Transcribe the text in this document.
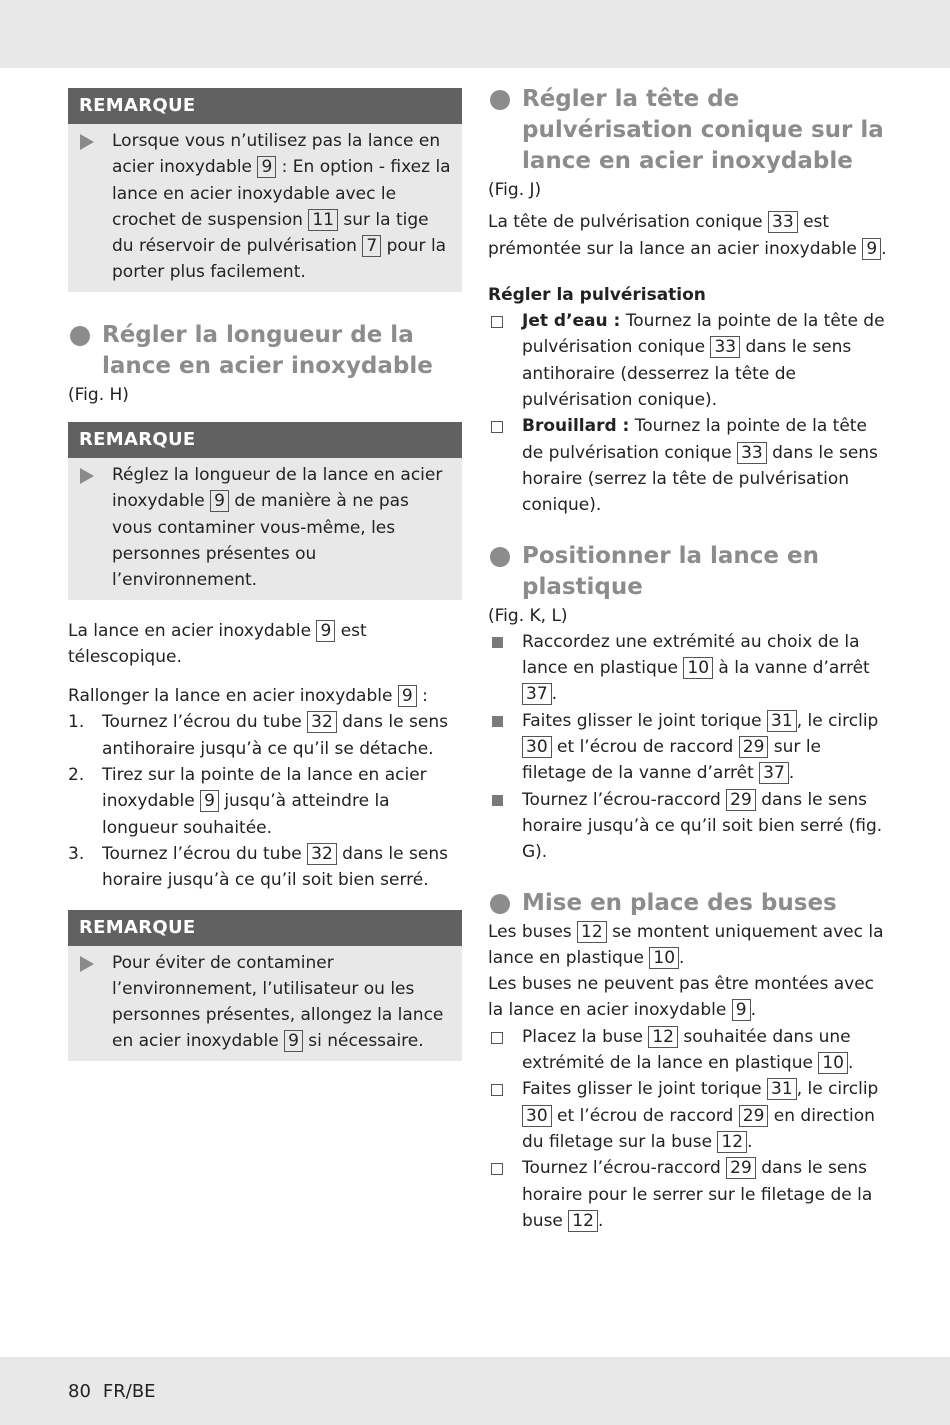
REMARQUE

Lorsque vous n’utilisez pas la lance en acier inoxydable 9 : En option - fixez la lance en acier inoxydable avec le crochet de suspension 11 sur la tige du réservoir de pulvérisation 7 pour la porter plus facilement.

Régler la longueur de la lance en acier inoxydable

(Fig. H)

REMARQUE

Réglez la longueur de la lance en acier inoxydable 9 de manière à ne pas vous contaminer vous-même, les personnes présentes ou l’environnement.

La lance en acier inoxydable 9 est télescopique.

Rallonger la lance en acier inoxydable 9 :

1. Tournez l’écrou du tube 32 dans le sens antihoraire jusqu’à ce qu’il se détache.
2. Tirez sur la pointe de la lance en acier inoxydable 9 jusqu’à atteindre la longueur souhaitée.
3. Tournez l’écrou du tube 32 dans le sens horaire jusqu’à ce qu’il soit bien serré.
REMARQUE

Pour éviter de contaminer l’environnement, l’utilisateur ou les personnes présentes, allongez la lance en acier inoxydable 9 si nécessaire.

Régler la tête de pulvérisation conique sur la lance en acier inoxydable

(Fig. J)

La tête de pulvérisation conique 33 est prémontée sur la lance an acier inoxydable 9 .

Régler la pulvérisation

Jet d’eau : Tournez la pointe de la tête de pulvérisation conique 33 dans le sens antihoraire (desserrez la tête de pulvérisation conique).
Brouillard : Tournez la pointe de la tête de pulvérisation conique 33 dans le sens horaire (serrez la tête de pulvérisation conique).
Positionner la lance en plastique

(Fig. K, L)

Raccordez une extrémité au choix de la lance en plastique 10 à la vanne d’arrêt 37 .
Faites glisser le joint torique 31 , le circlip 30 et l’écrou de raccord 29 sur le filetage de la vanne d’arrêt 37 .
Tournez l’écrou-raccord 29 dans le sens horaire jusqu’à ce qu’il soit bien serré (fig. G).
Mise en place des buses

Les buses 12 se montent uniquement avec la lance en plastique 10 .

Les buses ne peuvent pas être montées avec la lance en acier inoxydable 9 .

Placez la buse 12 souhaitée dans une extrémité de la lance en plastique 10 .
Faites glisser le joint torique 31 , le circlip 30 et l’écrou de raccord 29 en direction du filetage sur la buse 12 .
Tournez l’écrou-raccord 29 dans le sens horaire pour le serrer sur le filetage de la buse 12 .
80 FR/BE
